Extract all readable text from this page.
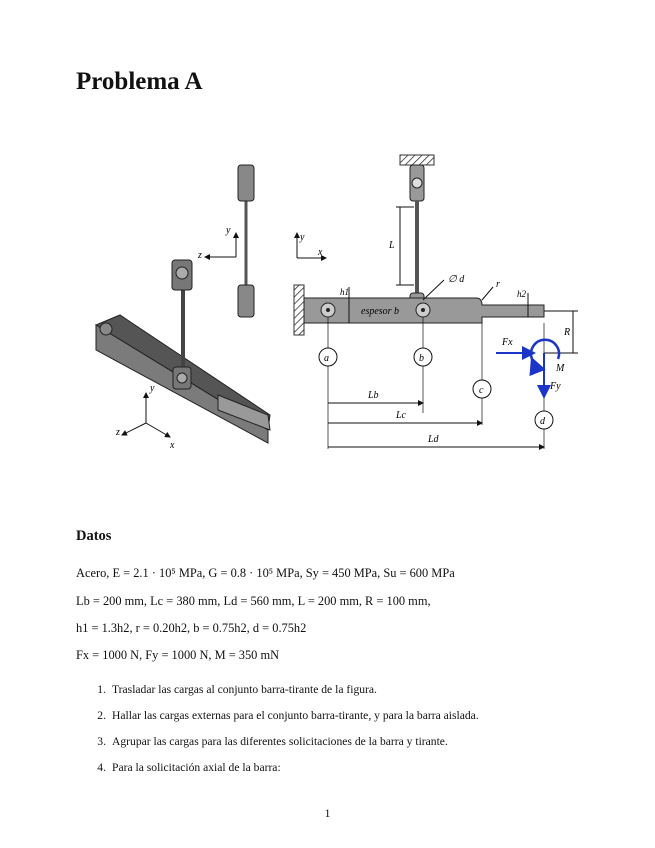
Problema A
y
x
z
y
z
y
x
espesor b
L
h1
∅ d	r
h2
R
a	b
c
d
Lb
Lc
Ld
Fx
Fy
M
Datos
Acero, E = 2.1 · 10⁵ MPa, G = 0.8 · 10⁵ MPa, Sy = 450 MPa, Su = 600 MPa
Lb = 200 mm, Lc = 380 mm, Ld = 560 mm, L = 200 mm, R = 100 mm,
h1 = 1.3h2, r = 0.20h2, b = 0.75h2, d = 0.75h2
Fx = 1000 N, Fy = 1000 N, M = 350 mN
1. Trasladar las cargas al conjunto barra-tirante de la figura.
2. Hallar las cargas externas para el conjunto barra-tirante, y para la barra aislada.
3. Agrupar las cargas para las diferentes solicitaciones de la barra y tirante.
4. Para la solicitación axial de la barra:
1
